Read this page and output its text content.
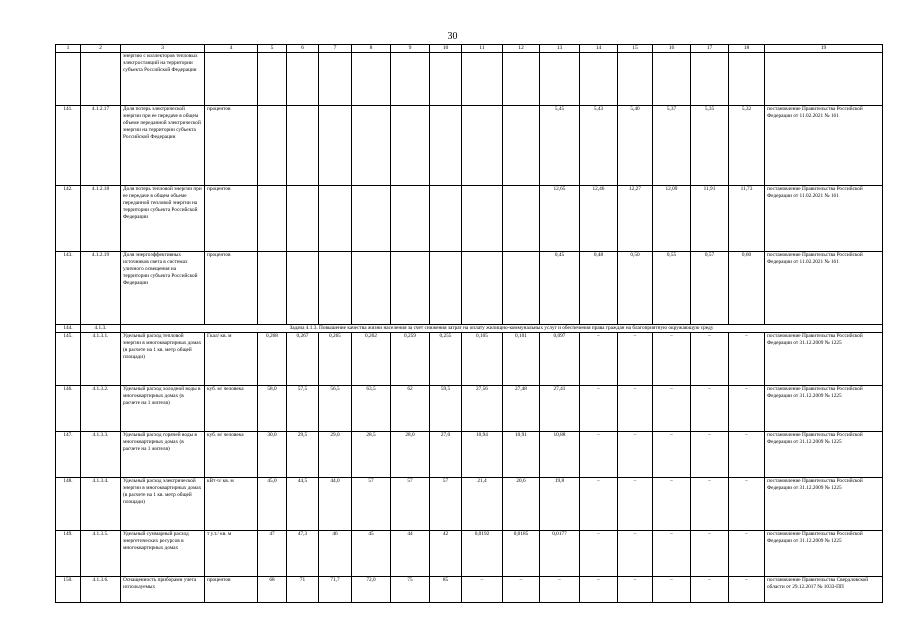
30
1	2	3	4	5	6	7	8	9	10	11	12	13	14	15	16	17	18	19
		энергию с коллекторов тепловых электростанций на территории субъекта Российской Федерации																
141.	4.1.2.17	Доля потерь электрической энергии при ее передаче в общем объеме переданной электрической энергии на территории субъекта Российской Федерации	процентов									5,45	5,43	5,40	5,37	5,35	5,32	постановление Правительства Российской Федерации от 11.02.2021 № 161
142.	4.1.2.18	Доля потерь тепловой энергии при ее передаче в общем объеме переданной тепловой энергии на территории субъекта Российской Федерации	процентов									12,65	12,46	12,27	12,09	11,91	11,73	постановление Правительства Российской Федерации от 11.02.2021 № 161
143.	4.1.2.19	Доля энергоэффективных источников света в системах уличного освещения на территории субъекта Российской Федерации	процентов									0,45	0,48	0,50	0,55	0,57	0,60	постановление Правительства Российской Федерации от 11.02.2021 № 161
144.	4.1.3.	Задача 4.1.3. Повышение качества жизни населения за счет снижения затрат на оплату жилищно-коммунальных услуг и обеспечения права граждан на благоприятную окружающую среду																
145.	4.1.3.1.	Удельный расход тепловой энергии в многоквартирных домах (в расчете на 1 кв. метр общей площади)	Гкал/ кв. м	0,268	0,267	0,265	0,262	0,259	0,255	0,105	0,101	0,097	–	–	–	–	–	постановление Правительства Российской Федерации от 31.12.2009 № 1225
146.	4.1.3.2.	Удельный расход холодной воды в многоквартирных домах (в расчете на 1 жителя)	куб. м/ человека	58,0	57,5	56,5	63,5	62	59,5	27,56	27,48	27,41	–	–	–	–	–	постановление Правительства Российской Федерации от 31.12.2009 № 1225
147.	4.1.3.3.	Удельный расход горячей воды в многоквартирных домах (в расчете на 1 жителя)	куб. м/ человека	30,0	29,5	29,0	28,5	28,0	27,0	10,94	10,91	10,88	–	–	–	–	–	постановление Правительства Российской Федерации от 31.12.2009 № 1225
148.	4.1.3.4.	Удельный расход электрической энергии в многоквартирных домах (в расчете на 1 кв. метр общей площади)	кВт·ч/ кв. м	45,0	44,5	44,0	57	57	57	21,4	20,6	19,8	–	–	–	–	–	постановление Правительства Российской Федерации от 31.12.2009 № 1225
149.	4.1.3.5.	Удельный суммарный расход энергетических ресурсов в многоквартирных домах	т у.т./ кв. м	47	47,3	46	45	44	42	0,0192	0,0185	0,0177	–	–	–	–	–	постановление Правительства Российской Федерации от 31.12.2009 № 1225
150.	4.1.3.6.	Оснащенность приборами учета используемых	процентов	68	71	71,7	72,0	75	85	–	–	–	–	–	–	–	–	постановление Правительства Свердловской области от 29.12.2017 № 1033-ПП
